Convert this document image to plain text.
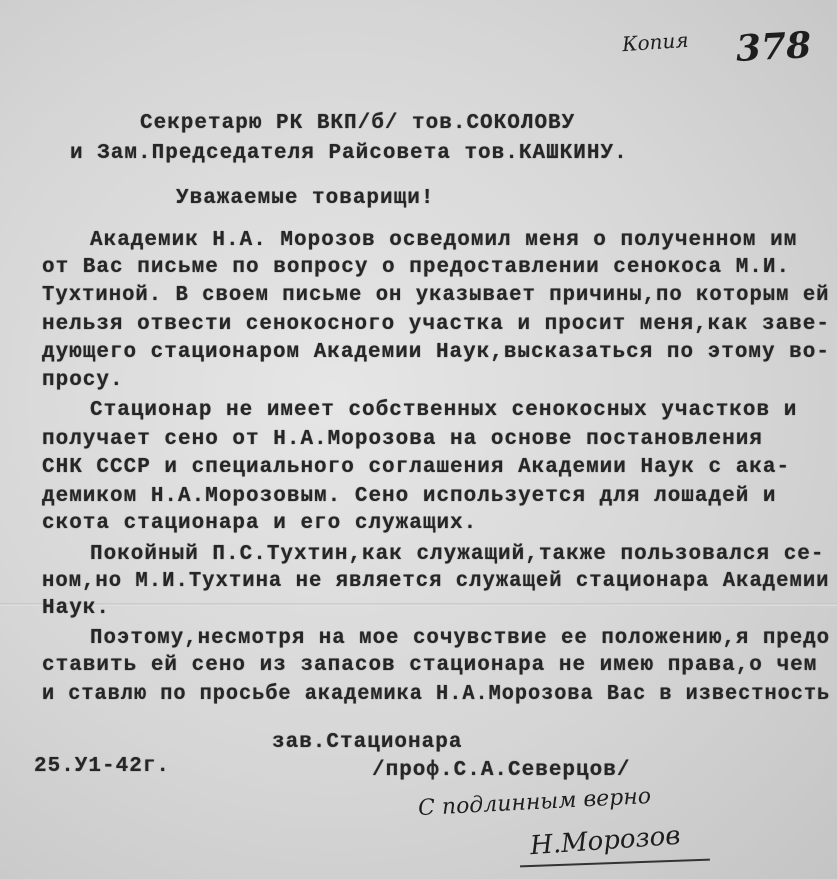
Копия 378
Секретарю РК ВКП/б/ тов.СОКОЛОВУ
и Зам.Председателя Райсовета тов.КАШКИНУ.
Уважаемые товарищи!
Академик Н.А. Морозов осведомил меня о полученном им
от Вас письме по вопросу о предоставлении сенокоса М.И.
Тухтиной. В своем письме он указывает причины,по которым ей
нельзя отвести сенокосного участка и просит меня,как заве-
дующего стационаром Академии Наук,высказаться по этому во-
просу.
Стационар не имеет собственных сенокосных участков и
получает сено от Н.А.Морозова на основе постановления
СНК СССР и специального соглашения Академии Наук с ака-
демиком Н.А.Морозовым. Сено используется для лошадей и
скота стационара и его служащих.
Покойный П.С.Тухтин,как служащий,также пользовался се-
ном,но М.И.Тухтина не является служащей стационара Академии
Наук.
Поэтому,несмотря на мое сочувствие ее положению,я предо
ставить ей сено из запасов стационара не имею права,о чем
и ставлю по просьбе академика Н.А.Морозова Вас в известность
зав.Стационара
25.У1-42г.	/проф.С.А.Северцов/
С подлинным верно
Н.Морозов
